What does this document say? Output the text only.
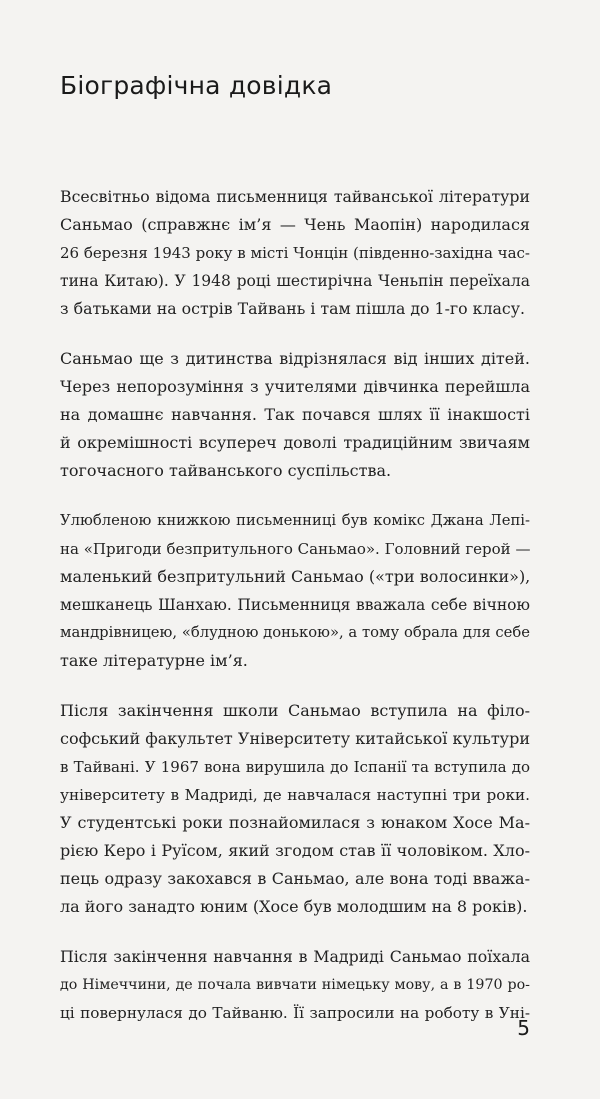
Біографічна довідка

Всесвітньо відома письменниця тайванської літератури
Саньмао (справжнє ім’я — Чень Маопін) народилася
26 березня 1943 року в місті Чонцін (південно-західна час-
тина Китаю). У 1948 році шестирічна Ченьпін переїхала
з батьками на острів Тайвань і там пішла до 1-го класу.

Саньмао ще з дитинства відрізнялася від інших дітей.
Через непорозуміння з учителями дівчинка перейшла
на домашнє навчання. Так почався шлях її інакшості
й окремішності всупереч доволі традиційним звичаям
тогочасного тайванського суспільства.

Улюбленою книжкою письменниці був комікс Джана Лепі-
на «Пригоди безпритульного Саньмао». Головний герой —
маленький безпритульний Саньмао («три волосинки»),
мешканець Шанхаю. Письменниця вважала себе вічною
мандрівницею, «блудною донькою», а тому обрала для себе
таке літературне ім’я.

Після закінчення школи Саньмао вступила на філо-
софський факультет Університету китайської культури
в Тайвані. У 1967 вона вирушила до Іспанії та вступила до
університету в Мадриді, де навчалася наступні три роки.
У студентські роки познайомилася з юнаком Хосе Ма-
рією Керо і Руїсом, який згодом став її чоловіком. Хло-
пець одразу закохався в Саньмао, але вона тоді вважа-
ла його занадто юним (Хосе був молодшим на 8 років).

Після закінчення навчання в Мадриді Саньмао поїхала
до Німеччини, де почала вивчати німецьку мову, а в 1970 ро-
ці повернулася до Тайваню. Її запросили на роботу в Уні-

5
